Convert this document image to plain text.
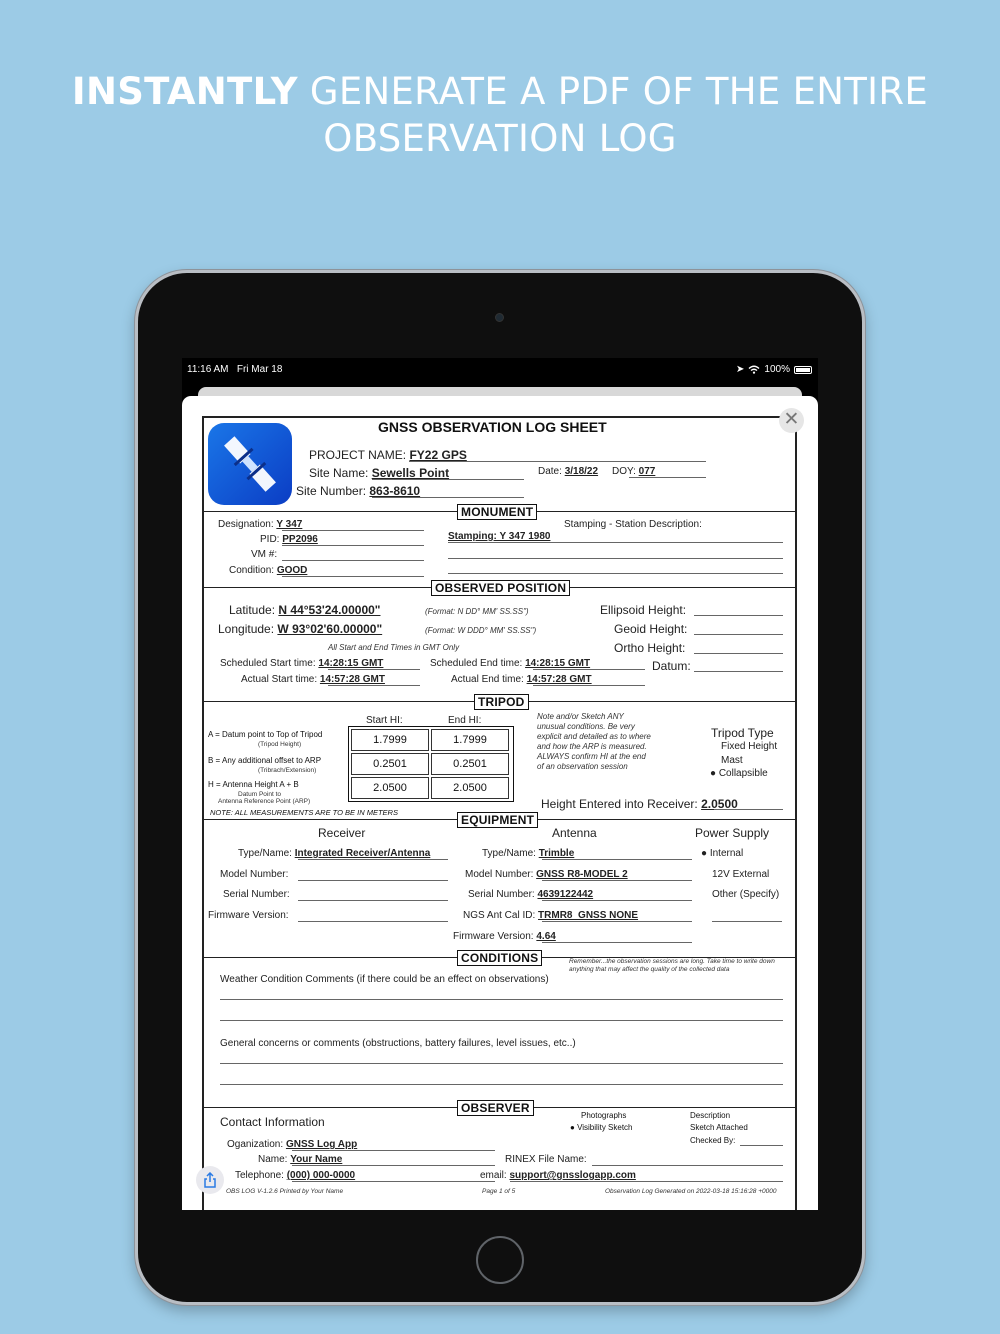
INSTANTLY GENERATE A PDF OF THE ENTIRE
OBSERVATION LOG
11:16 AM Fri Mar 18	➤ 100%
GNSS OBSERVATION LOG SHEET
PROJECT NAME: FY22 GPS
Site Name: Sewells Point	Date: 3/18/22 DOY: 077
Site Number: 863-8610
MONUMENT
Designation: Y 347
PID: PP2096
VM #:
Condition: GOOD
Stamping - Station Description:
Stamping: Y 347 1980
OBSERVED POSITION
Latitude: N 44°53'24.00000"	(Format: N DD° MM' SS.SS")
Longitude: W 93°02'60.00000"	(Format: W DDD° MM' SS.SS")
All Start and End Times in GMT Only
Scheduled Start time: 14:28:15 GMT
Actual Start time: 14:57:28 GMT
Scheduled End time: 14:28:15 GMT
Actual End time: 14:57:28 GMT
Ellipsoid Height:
Geoid Height:
Ortho Height:
Datum:
TRIPOD
Start HI:	End HI:
A = Datum point to Top of Tripod
(Tripod Height)
B = Any additional offset to ARP
(Tribrach/Extension)
H = Antenna Height A + B
Datum Point to
Antenna Reference Point (ARP)
NOTE: ALL MEASUREMENTS ARE TO BE IN METERS
1.7999	1.7999
0.2501	0.2501
2.0500	2.0500
Note and/or Sketch ANY
unusual conditions. Be very
explicit and detailed as to where
and how the ARP is measured.
ALWAYS confirm HI at the end
of an observation session
Tripod Type
Fixed Height
Mast
● Collapsible
Height Entered into Receiver: 2.0500
EQUIPMENT
Receiver	Antenna	Power Supply
Type/Name: Integrated Receiver/Antenna
Model Number:
Serial Number:
Firmware Version:
Type/Name: Trimble
Model Number: GNSS R8-MODEL 2
Serial Number: 4639122442
NGS Ant Cal ID: TRMR8_GNSS NONE
Firmware Version: 4.64
● Internal
12V External
Other (Specify)
CONDITIONS	Remember...the observation sessions are long. Take time to write down
anything that may affect the quality of the collected data
Weather Condition Comments (if there could be an effect on observations)
General concerns or comments (obstructions, battery failures, level issues, etc..)
OBSERVER
Contact Information	Photographs
● Visibility Sketch
Description
Sketch Attached
Checked By:
Oganization: GNSS Log App
Name: Your Name
Telephone: (000) 000-0000
RINEX File Name:
email: support@gnsslogapp.com
OBS LOG V-1.2.6 Printed by Your Name	Page 1 of 5	Observation Log Generated on 2022-03-18 15:16:28 +0000
✕
